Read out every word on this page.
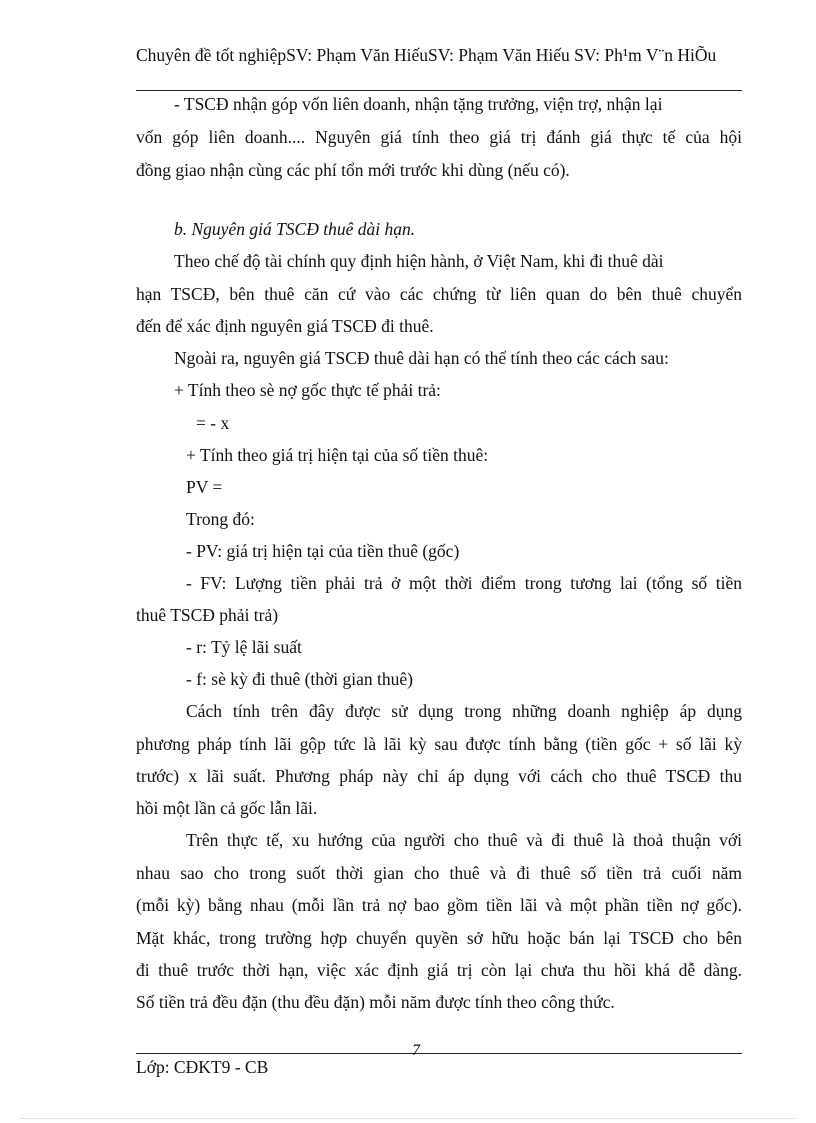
Chuyên đề tốt nghiệpSV: Phạm Văn HiếuSV: Phạm Văn Hiếu SV: Ph¹m V¨n HiÕu
- TSCĐ nhận góp vốn liên doanh, nhận tặng trưởng, viện trợ, nhận lại
vốn góp liên doanh.... Nguyên giá tính theo giá trị đánh giá thực tế của hội
đồng giao nhận cùng các phí tổn mới trước khi dùng (nếu có).
b. Nguyên giá TSCĐ thuê dài hạn.
Theo chế độ tài chính quy định hiện hành, ở Việt Nam, khi đi thuê dài
hạn TSCĐ, bên thuê căn cứ vào các chứng từ liên quan do bên thuê chuyển
đến để xác định nguyên giá TSCĐ đi thuê.
Ngoài ra, nguyên giá TSCĐ thuê dài hạn có thể tính theo các cách sau:
+ Tính theo sè nợ gốc thực tế phải trả:
= - x
+ Tính theo giá trị hiện tại của số tiền thuê:
PV =
Trong đó:
- PV: giá trị hiện tại của tiền thuê (gốc)
- FV: Lượng tiền phải trả ở một thời điểm trong tương lai (tổng số tiền
thuê TSCĐ phải trả)
- r: Tỷ lệ lãi suất
- f: sè kỳ đi thuê (thời gian thuê)
Cách tính trên đây được sử dụng trong những doanh nghiệp áp dụng
phương pháp tính lãi gộp tức là lãi kỳ sau được tính bằng (tiền gốc + số lãi kỳ
trước) x lãi suất. Phương pháp này chỉ áp dụng với cách cho thuê TSCĐ thu
hồi một lần cả gốc lẫn lãi.
Trên thực tế, xu hướng của người cho thuê và đi thuê là thoả thuận với
nhau sao cho trong suốt thời gian cho thuê và đi thuê số tiền trả cuối năm
(mỗi kỳ) bằng nhau (mỗi lần trả nợ bao gồm tiền lãi và một phần tiền nợ gốc).
Mặt khác, trong trường hợp chuyển quyền sở hữu hoặc bán lại TSCĐ cho bên
đi thuê trước thời hạn, việc xác định giá trị còn lại chưa thu hồi khá dễ dàng.
Số tiền trả đều đặn (thu đều đặn) mỗi năm được tính theo công thức.
7
Lớp: CĐKT9 - CB
